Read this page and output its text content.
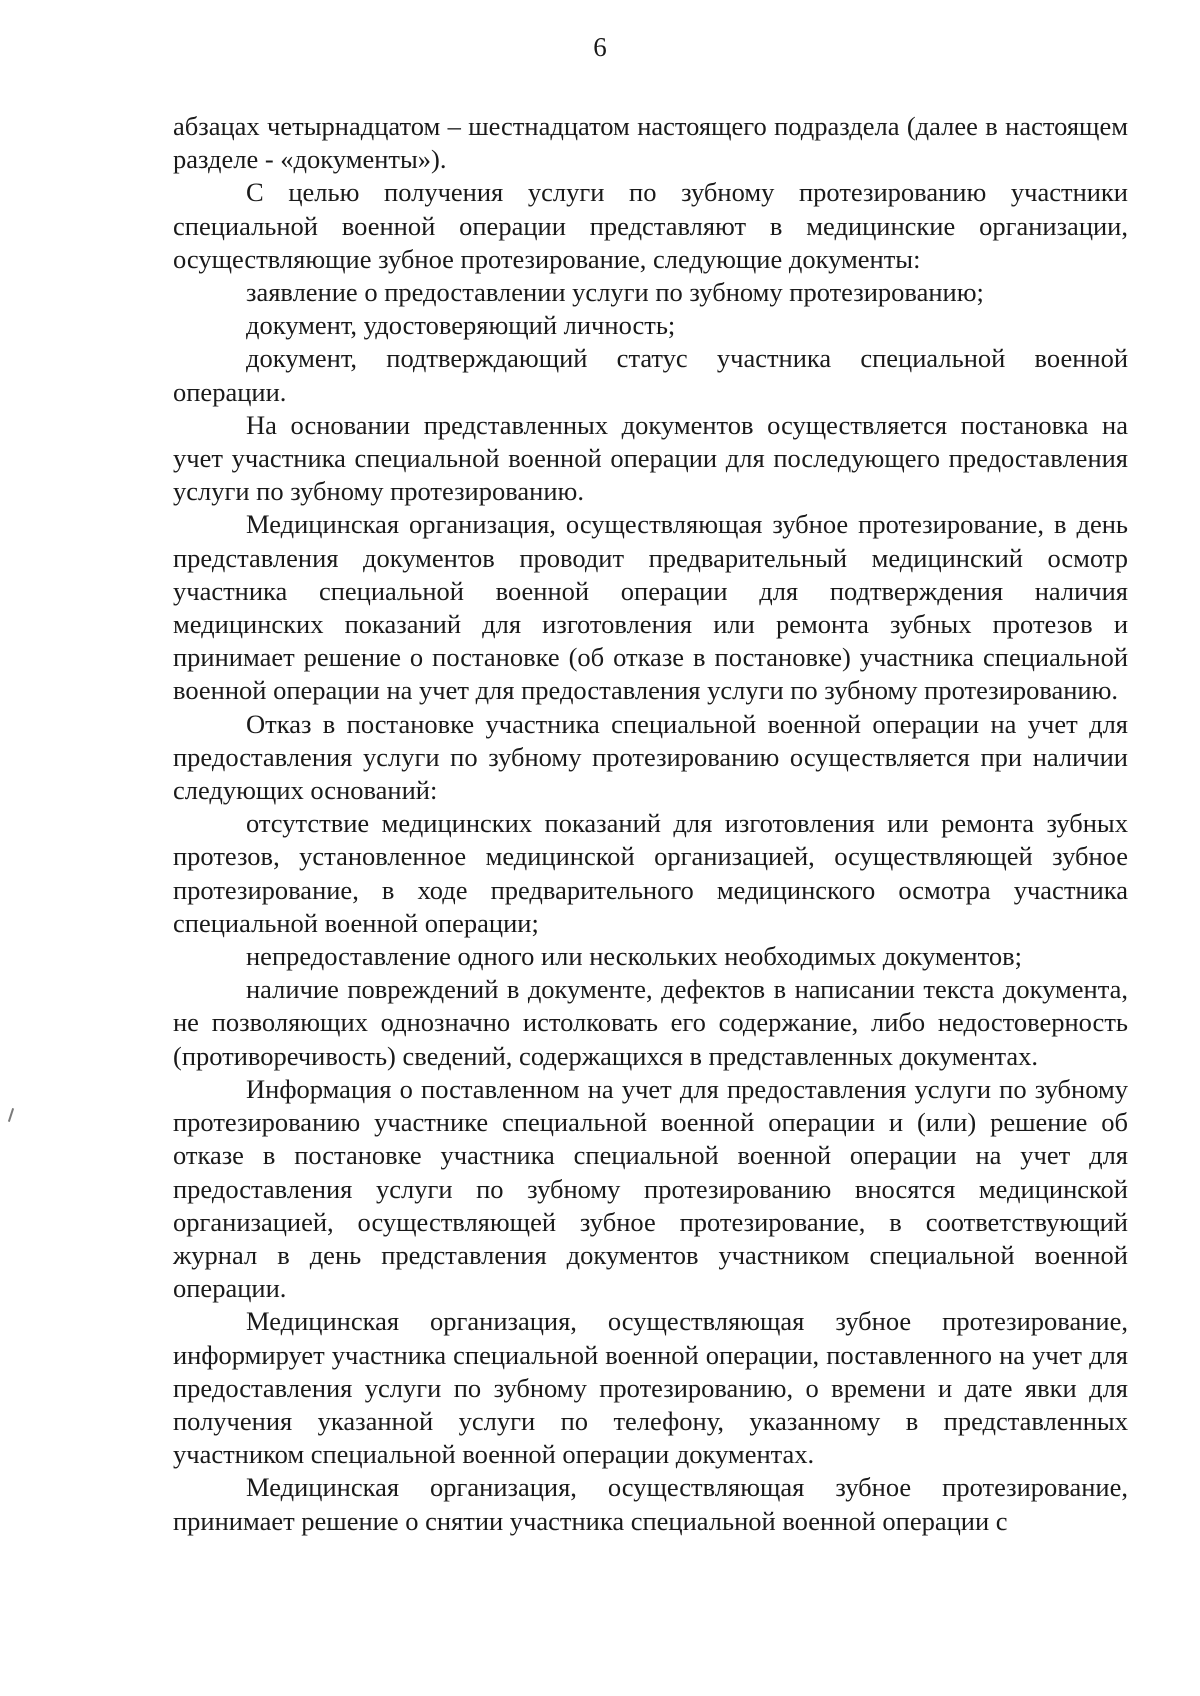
6

абзацах четырнадцатом – шестнадцатом настоящего подраздела (далее в настоящем разделе - «документы»).

С целью получения услуги по зубному протезированию участники специальной военной операции представляют в медицинские организации, осуществляющие зубное протезирование, следующие документы:

заявление о предоставлении услуги по зубному протезированию;

документ, удостоверяющий личность;

документ, подтверждающий статус участника специальной военной операции.

На основании представленных документов осуществляется постановка на учет участника специальной военной операции для последующего предоставления услуги по зубному протезированию.

Медицинская организация, осуществляющая зубное протезирование, в день представления документов проводит предварительный медицинский осмотр участника специальной военной операции для подтверждения наличия медицинских показаний для изготовления или ремонта зубных протезов и принимает решение о постановке (об отказе в постановке) участника специальной военной операции на учет для предоставления услуги по зубному протезированию.

Отказ в постановке участника специальной военной операции на учет для предоставления услуги по зубному протезированию осуществляется при наличии следующих оснований:

отсутствие медицинских показаний для изготовления или ремонта зубных протезов, установленное медицинской организацией, осуществляющей зубное протезирование, в ходе предварительного медицинского осмотра участника специальной военной операции;

непредоставление одного или нескольких необходимых документов;

наличие повреждений в документе, дефектов в написании текста документа, не позволяющих однозначно истолковать его содержание, либо недостоверность (противоречивость) сведений, содержащихся в представленных документах.

Информация о поставленном на учет для предоставления услуги по зубному протезированию участнике специальной военной операции и (или) решение об отказе в постановке участника специальной военной операции на учет для предоставления услуги по зубному протезированию вносятся медицинской организацией, осуществляющей зубное протезирование, в соответствующий журнал в день представления документов участником специальной военной операции.

Медицинская организация, осуществляющая зубное протезирование, информирует участника специальной военной операции, поставленного на учет для предоставления услуги по зубному протезированию, о времени и дате явки для получения указанной услуги по телефону, указанному в представленных участником специальной военной операции документах.

Медицинская организация, осуществляющая зубное протезирование, принимает решение о снятии участника специальной военной операции с
